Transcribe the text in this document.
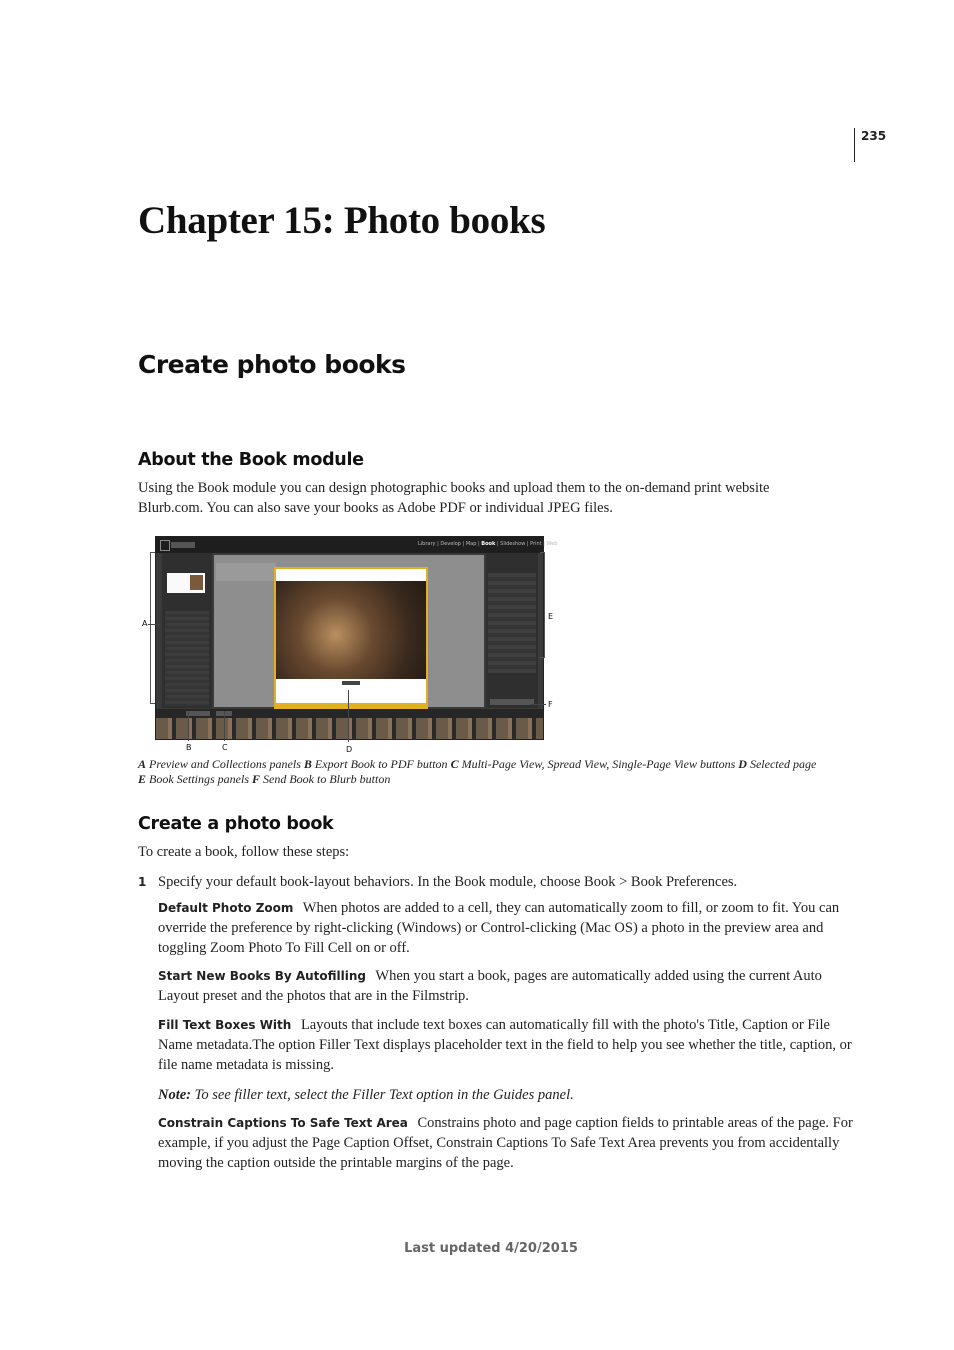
235
Chapter 15: Photo books
Create photo books
About the Book module

Using the Book module you can design photographic books and upload them to the on-demand print website Blurb.com. You can also save your books as Adobe PDF or individual JPEG files.

Library | Develop | Map | Book | Slideshow | Print | Web
A
E
F
B	C	D
A Preview and Collections panels B Export Book to PDF button C Multi-Page View, Spread View, Single-Page View buttons D Selected page
E Book Settings panels F Send Book to Blurb button
Create a photo book

To create a book, follow these steps:

1 Specify your default book-layout behaviors. In the Book module, choose Book > Book Preferences.

Default Photo Zoom When photos are added to a cell, they can automatically zoom to fill, or zoom to fit. You can override the preference by right-clicking (Windows) or Control-clicking (Mac OS) a photo in the preview area and toggling Zoom Photo To Fill Cell on or off.
Start New Books By Autofilling When you start a book, pages are automatically added using the current Auto Layout preset and the photos that are in the Filmstrip.
Fill Text Boxes With Layouts that include text boxes can automatically fill with the photo's Title, Caption or File Name metadata.The option Filler Text displays placeholder text in the field to help you see whether the title, caption, or file name metadata is missing.
Note: To see filler text, select the Filler Text option in the Guides panel.
Constrain Captions To Safe Text Area Constrains photo and page caption fields to printable areas of the page. For example, if you adjust the Page Caption Offset, Constrain Captions To Safe Text Area prevents you from accidentally moving the caption outside the printable margins of the page.
Last updated 4/20/2015
